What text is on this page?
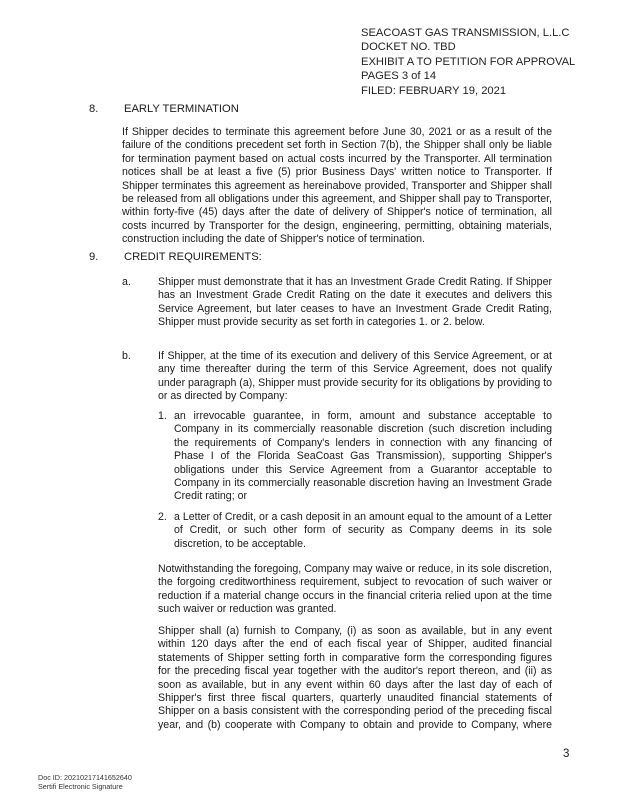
SEACOAST GAS TRANSMISSION, L.L.C
DOCKET NO. TBD
EXHIBIT A TO PETITION FOR APPROVAL
PAGES 3 of 14
FILED: FEBRUARY 19, 2021
8. EARLY TERMINATION
If Shipper decides to terminate this agreement before June 30, 2021 or as a result of the failure of the conditions precedent set forth in Section 7(b), the Shipper shall only be liable for termination payment based on actual costs incurred by the Transporter. All termination notices shall be at least a five (5) prior Business Days' written notice to Transporter. If Shipper terminates this agreement as hereinabove provided, Transporter and Shipper shall be released from all obligations under this agreement, and Shipper shall pay to Transporter, within forty-five (45) days after the date of delivery of Shipper's notice of termination, all costs incurred by Transporter for the design, engineering, permitting, obtaining materials, construction including the date of Shipper's notice of termination.
9. CREDIT REQUIREMENTS:
a.	Shipper must demonstrate that it has an Investment Grade Credit Rating. If Shipper has an Investment Grade Credit Rating on the date it executes and delivers this Service Agreement, but later ceases to have an Investment Grade Credit Rating, Shipper must provide security as set forth in categories 1. or 2. below.
b.	If Shipper, at the time of its execution and delivery of this Service Agreement, or at any time thereafter during the term of this Service Agreement, does not qualify under paragraph (a), Shipper must provide security for its obligations by providing to or as directed by Company:
1. an irrevocable guarantee, in form, amount and substance acceptable to Company in its commercially reasonable discretion (such discretion including the requirements of Company's lenders in connection with any financing of Phase I of the Florida SeaCoast Gas Transmission), supporting Shipper's obligations under this Service Agreement from a Guarantor acceptable to Company in its commercially reasonable discretion having an Investment Grade Credit rating; or
2. a Letter of Credit, or a cash deposit in an amount equal to the amount of a Letter of Credit, or such other form of security as Company deems in its sole discretion, to be acceptable.
Notwithstanding the foregoing, Company may waive or reduce, in its sole discretion, the forgoing creditworthiness requirement, subject to revocation of such waiver or reduction if a material change occurs in the financial criteria relied upon at the time such waiver or reduction was granted.
Shipper shall (a) furnish to Company, (i) as soon as available, but in any event within 120 days after the end of each fiscal year of Shipper, audited financial statements of Shipper setting forth in comparative form the corresponding figures for the preceding fiscal year together with the auditor's report thereon, and (ii) as soon as available, but in any event within 60 days after the last day of each of Shipper's first three fiscal quarters, quarterly unaudited financial statements of Shipper on a basis consistent with the corresponding period of the preceding fiscal year, and (b) cooperate with Company to obtain and provide to Company, where
3
Doc ID: 20210217141652640
Sertifi Electronic Signature
